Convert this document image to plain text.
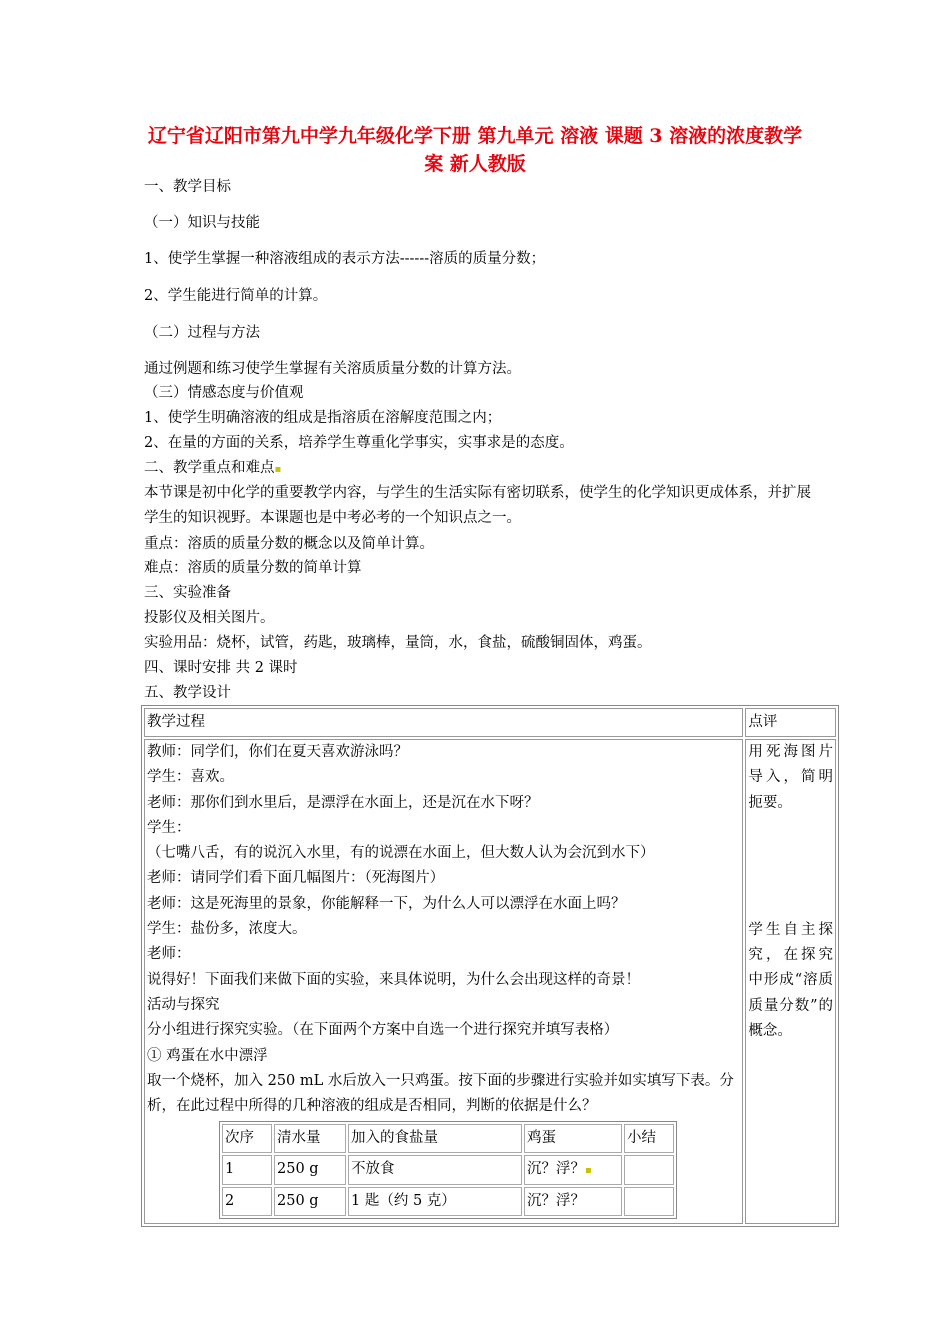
辽宁省辽阳市第九中学九年级化学下册 第九单元 溶液 课题 3 溶液的浓度教学案 新人教版
一、教学目标
（一）知识与技能
1、使学生掌握一种溶液组成的表示方法------溶质的质量分数；
2、学生能进行简单的计算。
（二）过程与方法
通过例题和练习使学生掌握有关溶质质量分数的计算方法。
（三）情感态度与价值观
1、使学生明确溶液的组成是指溶质在溶解度范围之内；
2、在量的方面的关系，培养学生尊重化学事实，实事求是的态度。
二、教学重点和难点▪
本节课是初中化学的重要教学内容，与学生的生活实际有密切联系，使学生的化学知识更成体系，并扩展学生的知识视野。本课题也是中考必考的一个知识点之一。
重点：溶质的质量分数的概念以及简单计算。
难点：溶质的质量分数的简单计算
三、实验准备
投影仪及相关图片。
实验用品：烧杯，试管，药匙，玻璃棒，量筒，水，食盐，硫酸铜固体，鸡蛋。
四、课时安排 共 2 课时
五、教学设计
教学过程	点评

教师：同学们，你们在夏天喜欢游泳吗？
学生：喜欢。
老师：那你们到水里后，是漂浮在水面上，还是沉在水下呀？
学生：
（七嘴八舌，有的说沉入水里，有的说漂在水面上，但大数人认为会沉到水下）
老师：请同学们看下面几幅图片：（死海图片）
老师：这是死海里的景象，你能解释一下，为什么人可以漂浮在水面上吗？
学生：盐份多，浓度大。
老师：
说得好！下面我们来做下面的实验，来具体说明，为什么会出现这样的奇景！
活动与探究
分小组进行探究实验。（在下面两个方案中自选一个进行探究并填写表格）
① 鸡蛋在水中漂浮
取一个烧杯，加入 250 mL 水后放入一只鸡蛋。按下面的步骤进行实验并如实填写下表。分析，在此过程中所得的几种溶液的组成是否相同，判断的依据是什么？
次序	清水量	加入的食盐量	鸡蛋	小结
1	250 g	不放食	沉？浮？▪	
2	250 g	1 匙（约 5 克）	沉？浮？	

用死海图片导入，简明扼要。
学生自主探究，在探究中形成“溶质质量分数”的概念。
